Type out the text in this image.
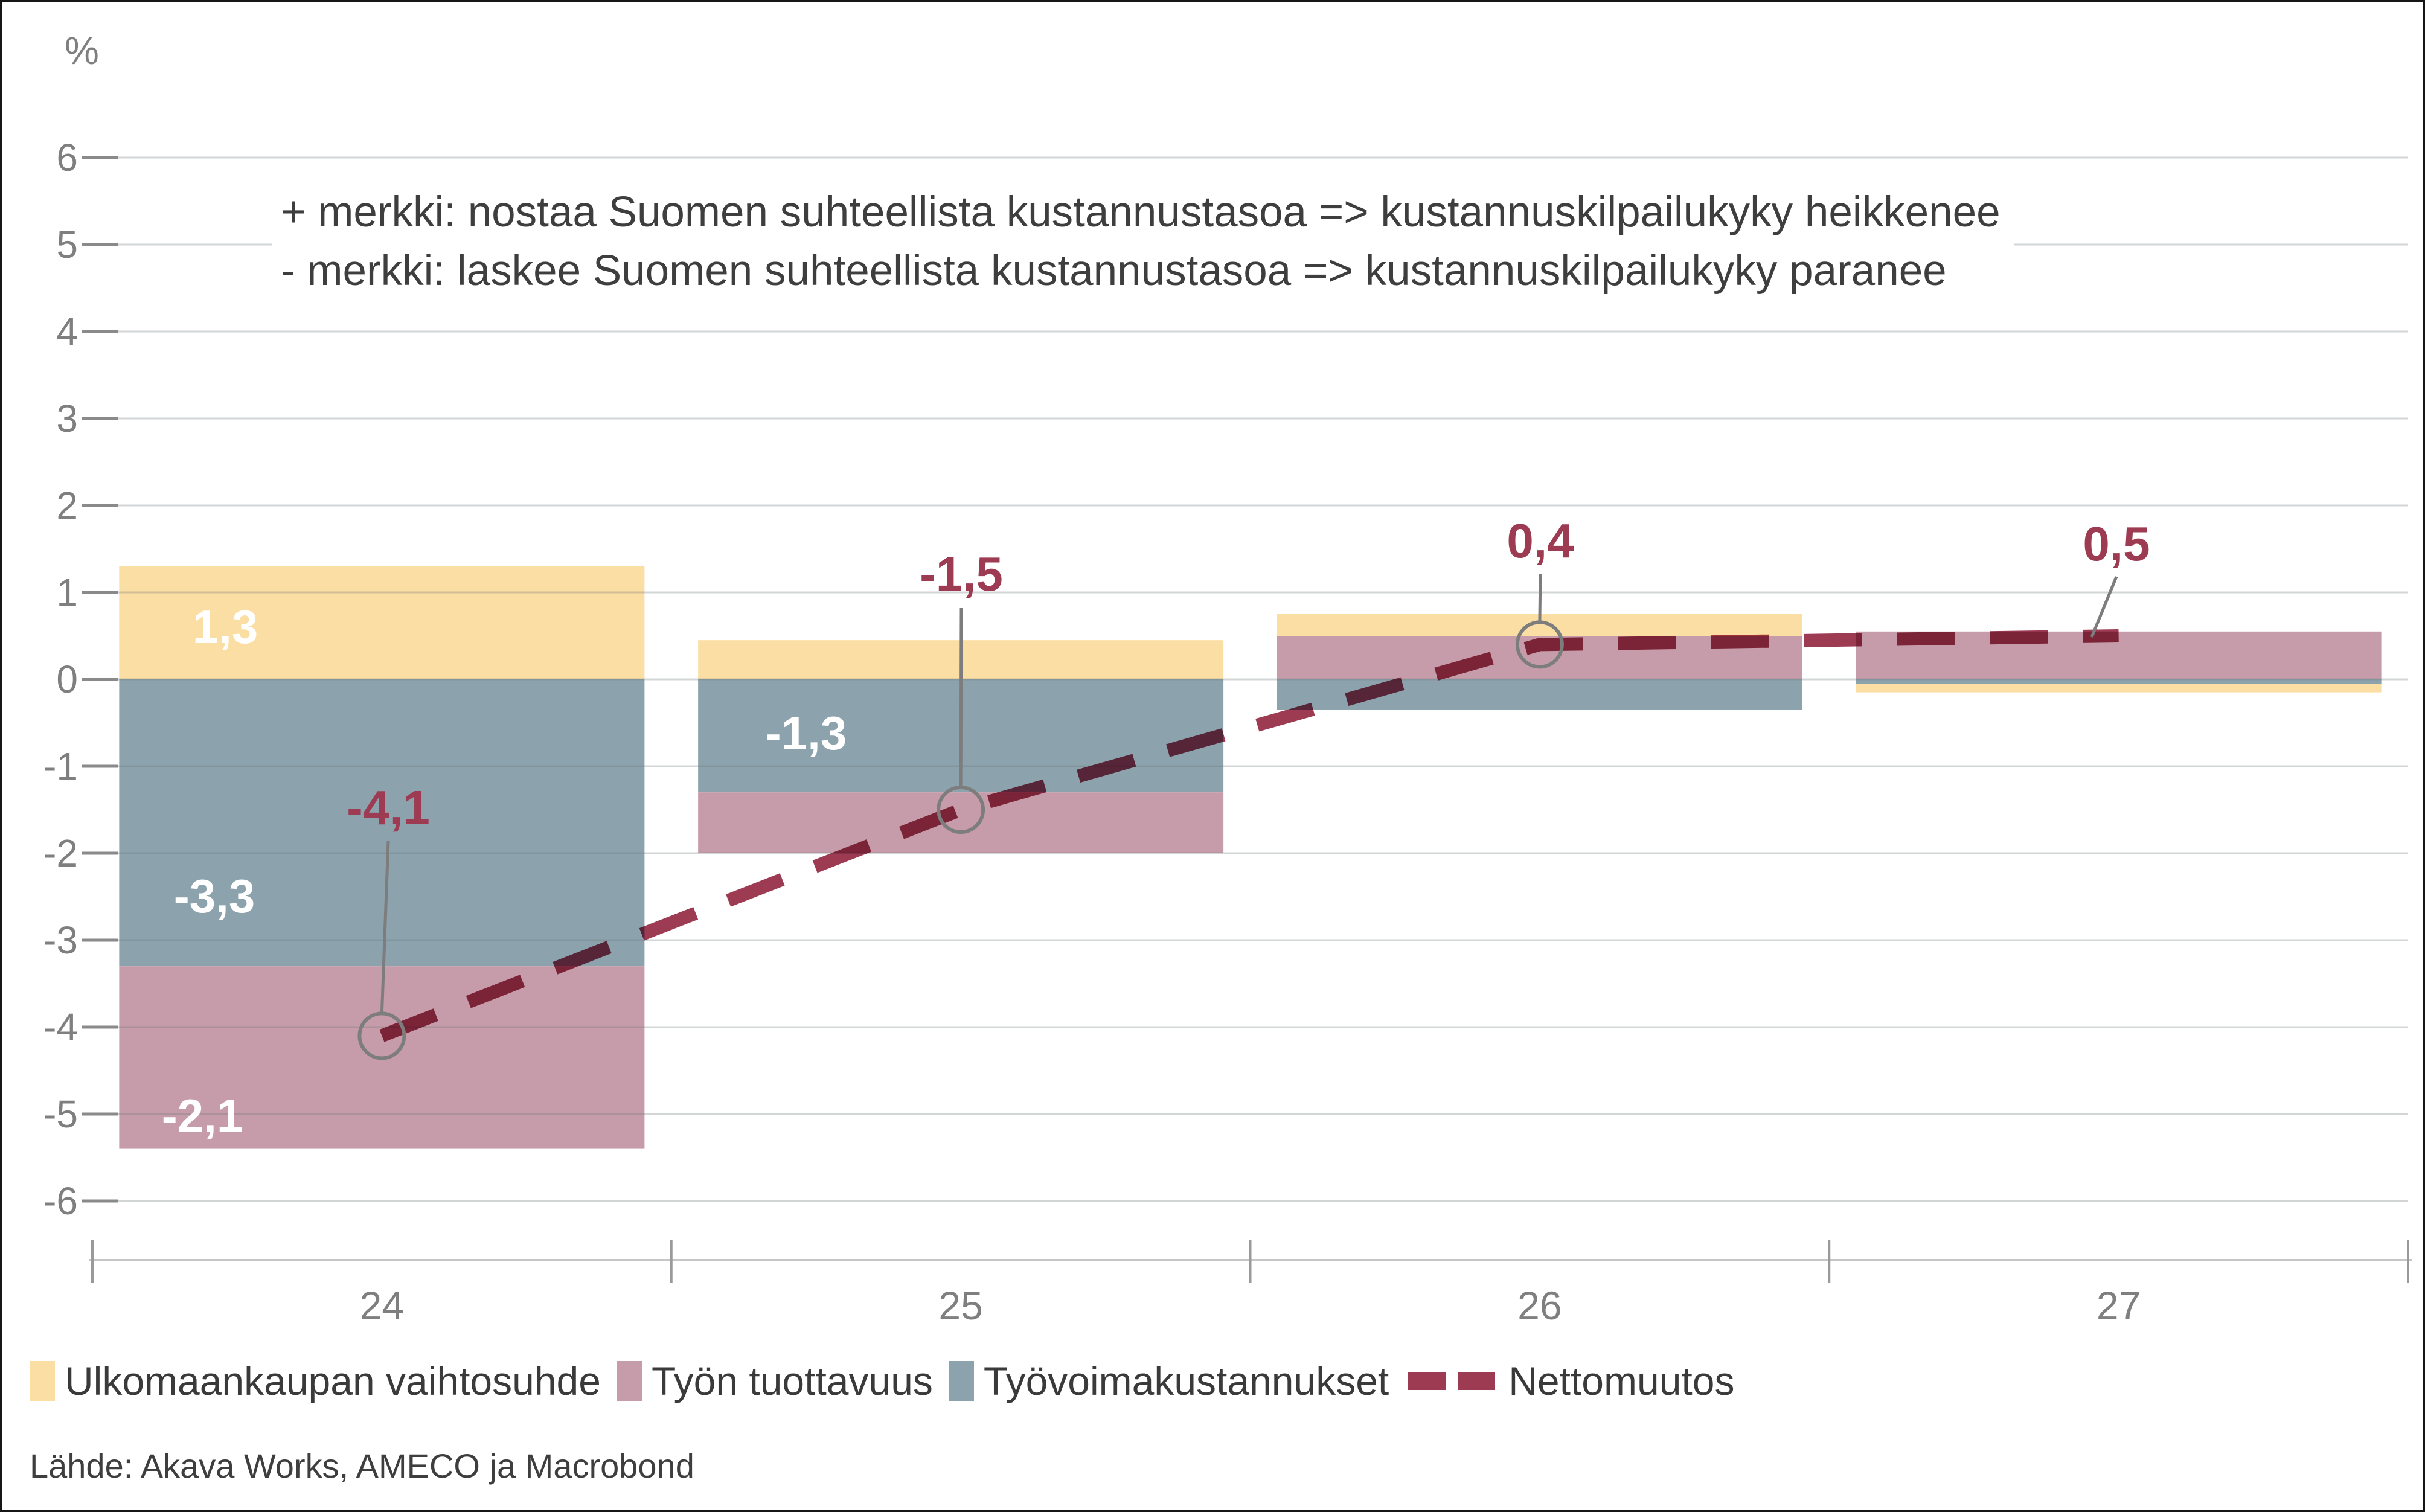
6
5
4
3
2
1
0
-1
-2
-3
-4
-5
-6
24	25	26	27
-4,1
-1,5
0,4	0,5
1,3
-3,3
-2,1
-1,3
%
+ merkki: nostaa Suomen suhteellista kustannustasoa => kustannuskilpailukyky heikkenee
- merkki: laskee Suomen suhteellista kustannustasoa => kustannuskilpailukyky paranee
Ulkomaankaupan vaihtosuhde Työn tuottavuus Työvoimakustannukset	Nettomuutos
Lähde: Akava Works, AMECO ja Macrobond
